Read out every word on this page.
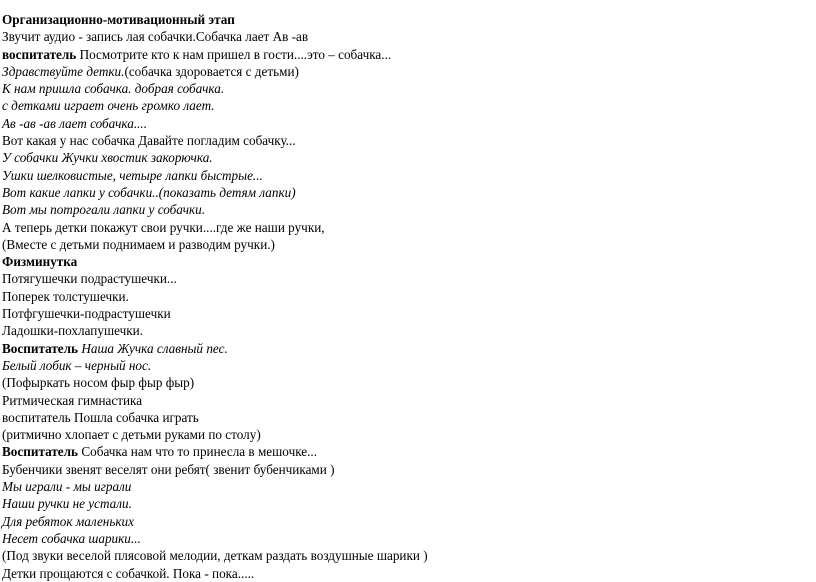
Организационно-мотивационный этап
Звучит аудио - запись лая собачки.Собачка лает Ав -ав
воспитатель Посмотрите кто к нам пришел в гости....это – собачка...
Здравствуйте детки.(собачка здоровается с детьми)
К нам пришла собачка. добрая собачка.
с детками играет очень громко лает.
Ав -ав -ав лает собачка....
Вот какая у нас собачка Давайте погладим собачку...
У собачки Жучки хвостик закорючка.
Ушки шелковистые, четыре лапки быстрые...
Вот какие лапки у собачки..(показать детям лапки)
Вот мы потрогали лапки у собачки.
А теперь детки покажут свои ручки....где же наши ручки,
(Вместе с детьми поднимаем и разводим ручки.)
Физминутка
Потягушечки подрастушечки...
Поперек толстушечки.
Потфгушечки-подрастушечки
Ладошки-похлапушечки.
Воспитатель Наша Жучка славный пес.
Белый лобик – черный нос.
(Пофыркать носом фыр фыр фыр)
Ритмическая гимнастика
воспитатель Пошла собачка играть
(ритмично хлопает с детьми руками по столу)
Воспитатель Собачка нам что то принесла в мешочке...
Бубенчики звенят веселят они ребят( звенит бубенчиками )
Мы играли - мы играли
Наши ручки не устали.
Для ребяток маленьких
Несет собачка шарики...
(Под звуки веселой плясовой мелодии, деткам раздать воздушные шарики )
Детки прощаются с собачкой. Пока - пока.....
